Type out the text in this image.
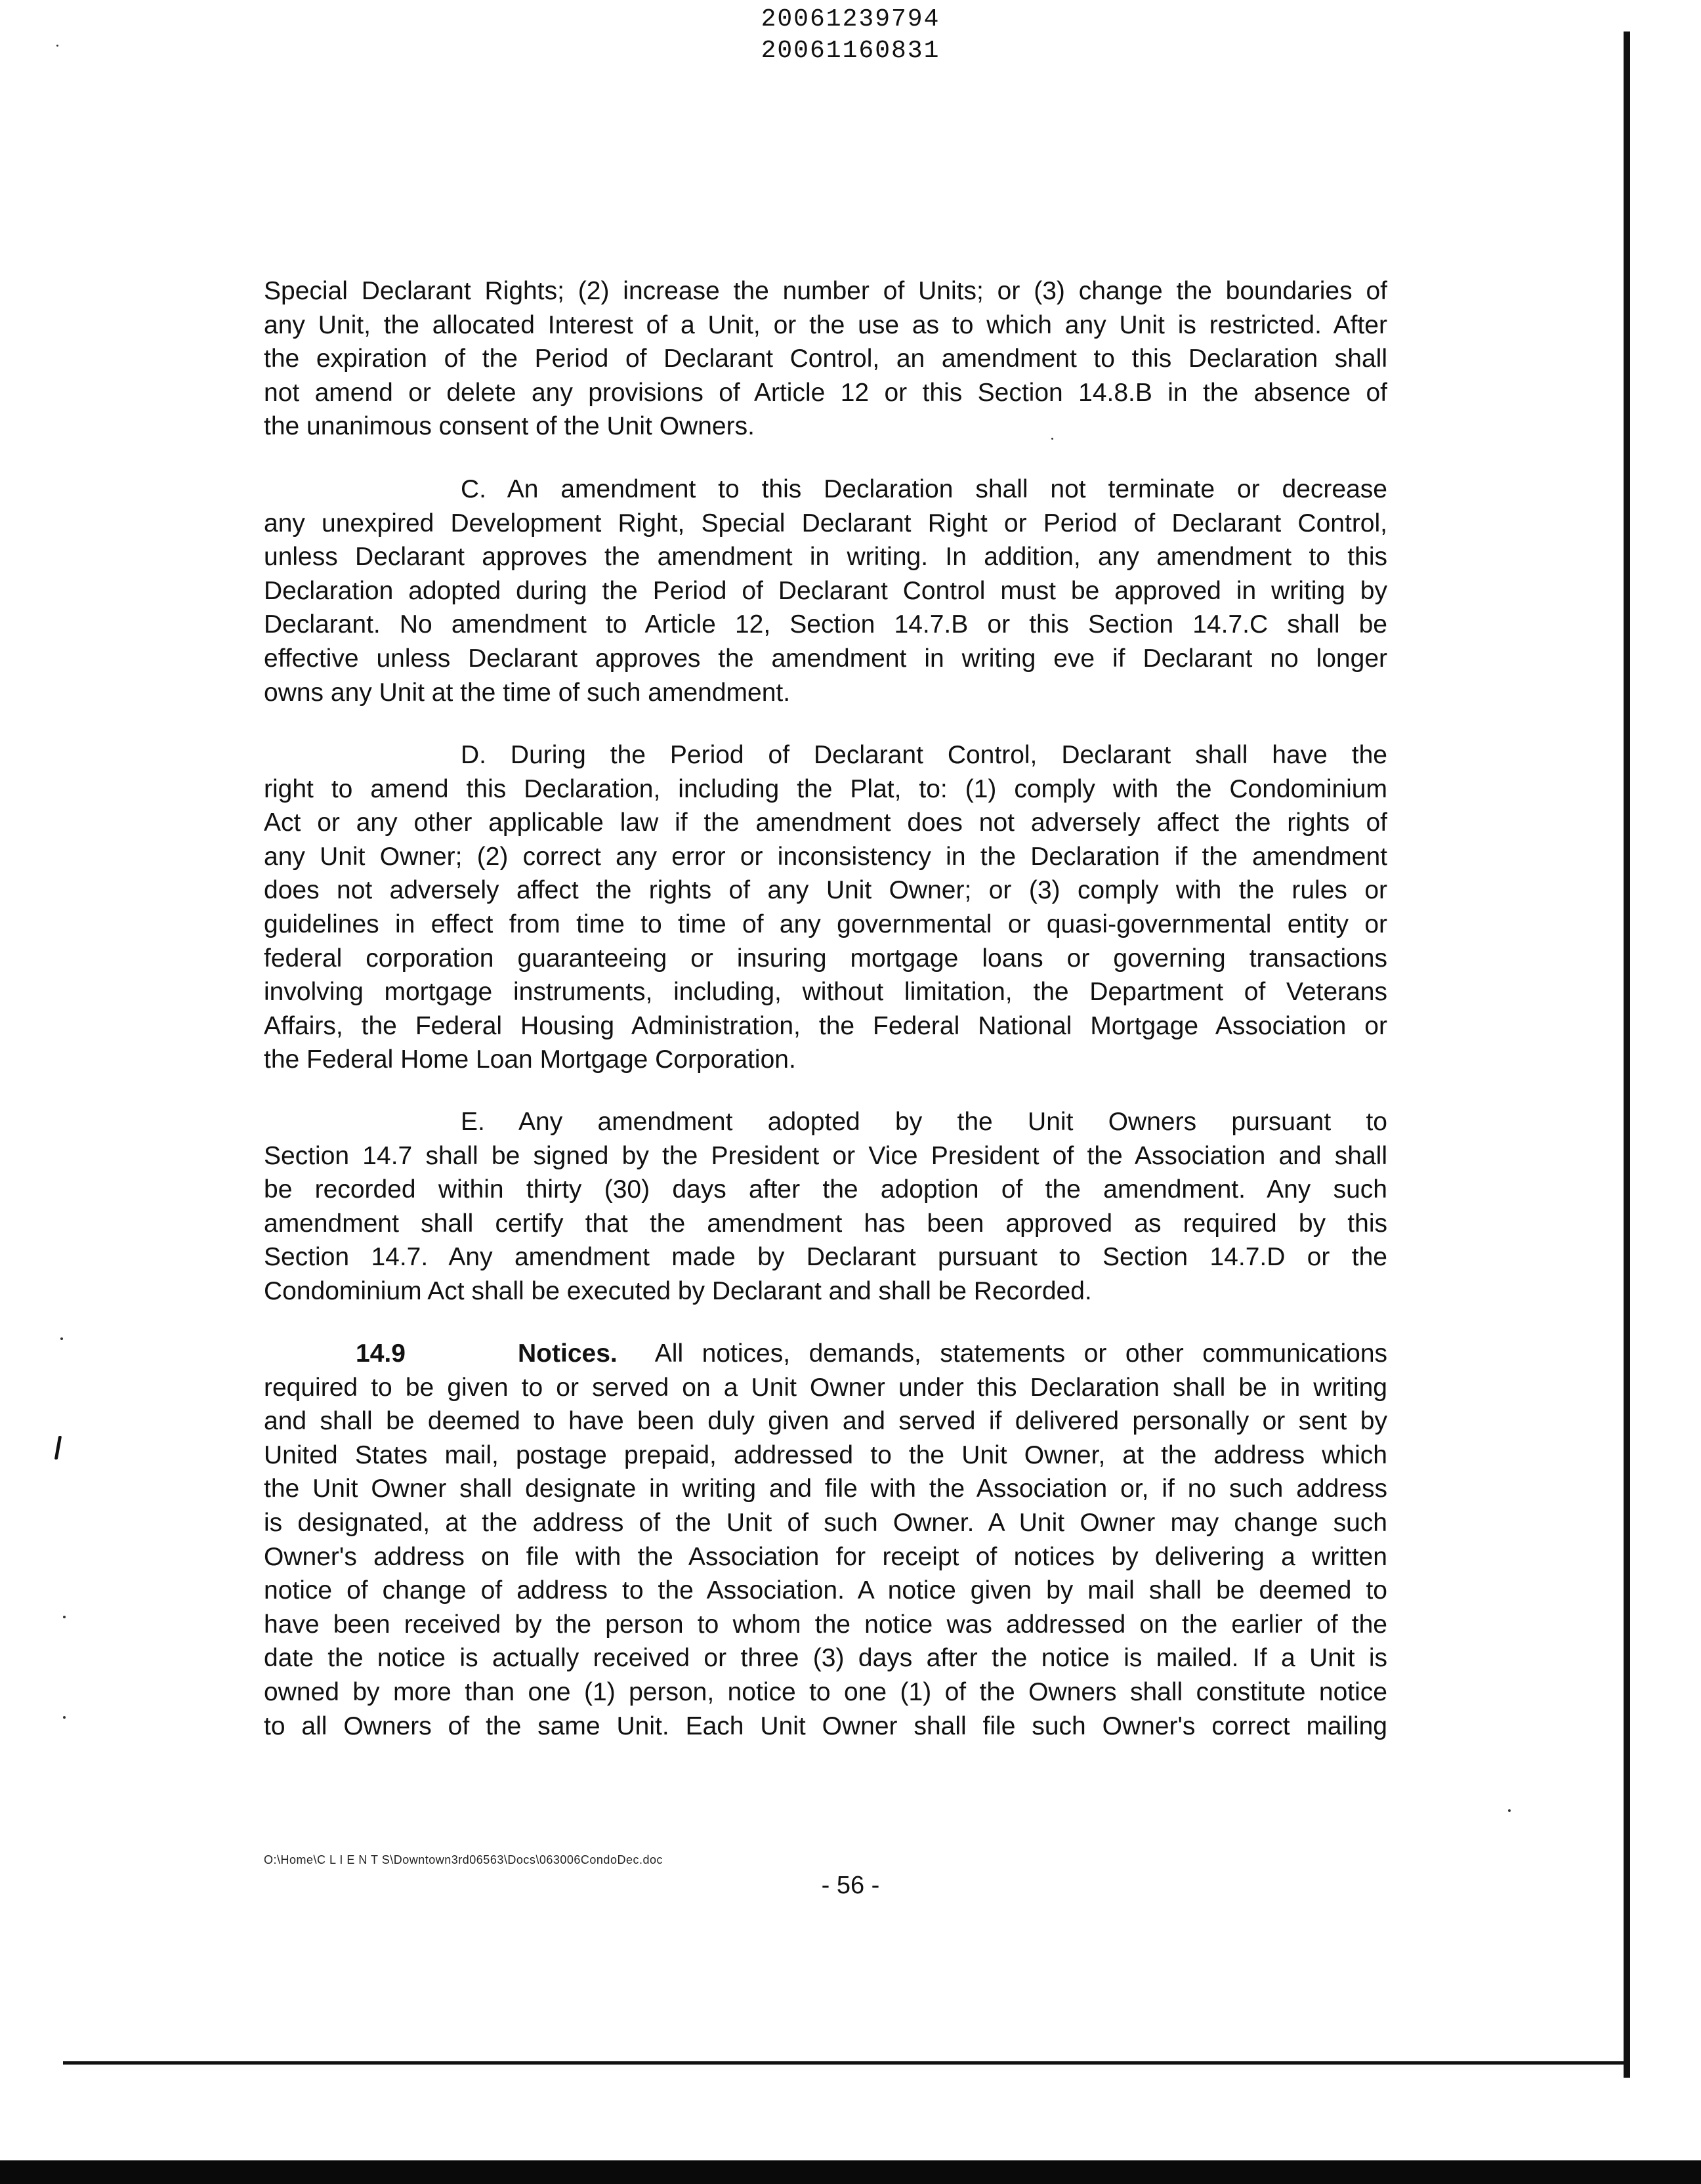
20061239794
20061160831
Special Declarant Rights; (2) increase the number of Units; or (3) change the boundaries of
any Unit, the allocated Interest of a Unit, or the use as to which any Unit is restricted. After
the expiration of the Period of Declarant Control, an amendment to this Declaration shall
not amend or delete any provisions of Article 12 or this Section 14.8.B in the absence of
the unanimous consent of the Unit Owners.
C. An amendment to this Declaration shall not terminate or decrease
any unexpired Development Right, Special Declarant Right or Period of Declarant Control,
unless Declarant approves the amendment in writing. In addition, any amendment to this
Declaration adopted during the Period of Declarant Control must be approved in writing by
Declarant. No amendment to Article 12, Section 14.7.B or this Section 14.7.C shall be
effective unless Declarant approves the amendment in writing eve if Declarant no longer
owns any Unit at the time of such amendment.
D. During the Period of Declarant Control, Declarant shall have the
right to amend this Declaration, including the Plat, to: (1) comply with the Condominium
Act or any other applicable law if the amendment does not adversely affect the rights of
any Unit Owner; (2) correct any error or inconsistency in the Declaration if the amendment
does not adversely affect the rights of any Unit Owner; or (3) comply with the rules or
guidelines in effect from time to time of any governmental or quasi-governmental entity or
federal corporation guaranteeing or insuring mortgage loans or governing transactions
involving mortgage instruments, including, without limitation, the Department of Veterans
Affairs, the Federal Housing Administration, the Federal National Mortgage Association or
the Federal Home Loan Mortgage Corporation.
E. Any amendment adopted by the Unit Owners pursuant to
Section 14.7 shall be signed by the President or Vice President of the Association and shall
be recorded within thirty (30) days after the adoption of the amendment. Any such
amendment shall certify that the amendment has been approved as required by this
Section 14.7. Any amendment made by Declarant pursuant to Section 14.7.D or the
Condominium Act shall be executed by Declarant and shall be Recorded.
14.9	Notices. All notices, demands, statements or other communications
required to be given to or served on a Unit Owner under this Declaration shall be in writing
and shall be deemed to have been duly given and served if delivered personally or sent by
United States mail, postage prepaid, addressed to the Unit Owner, at the address which
the Unit Owner shall designate in writing and file with the Association or, if no such address
is designated, at the address of the Unit of such Owner. A Unit Owner may change such
Owner's address on file with the Association for receipt of notices by delivering a written
notice of change of address to the Association. A notice given by mail shall be deemed to
have been received by the person to whom the notice was addressed on the earlier of the
date the notice is actually received or three (3) days after the notice is mailed. If a Unit is
owned by more than one (1) person, notice to one (1) of the Owners shall constitute notice
to all Owners of the same Unit. Each Unit Owner shall file such Owner's correct mailing
O:\Home\C L I E N T S\Downtown3rd06563\Docs\063006CondoDec.doc
- 56 -
